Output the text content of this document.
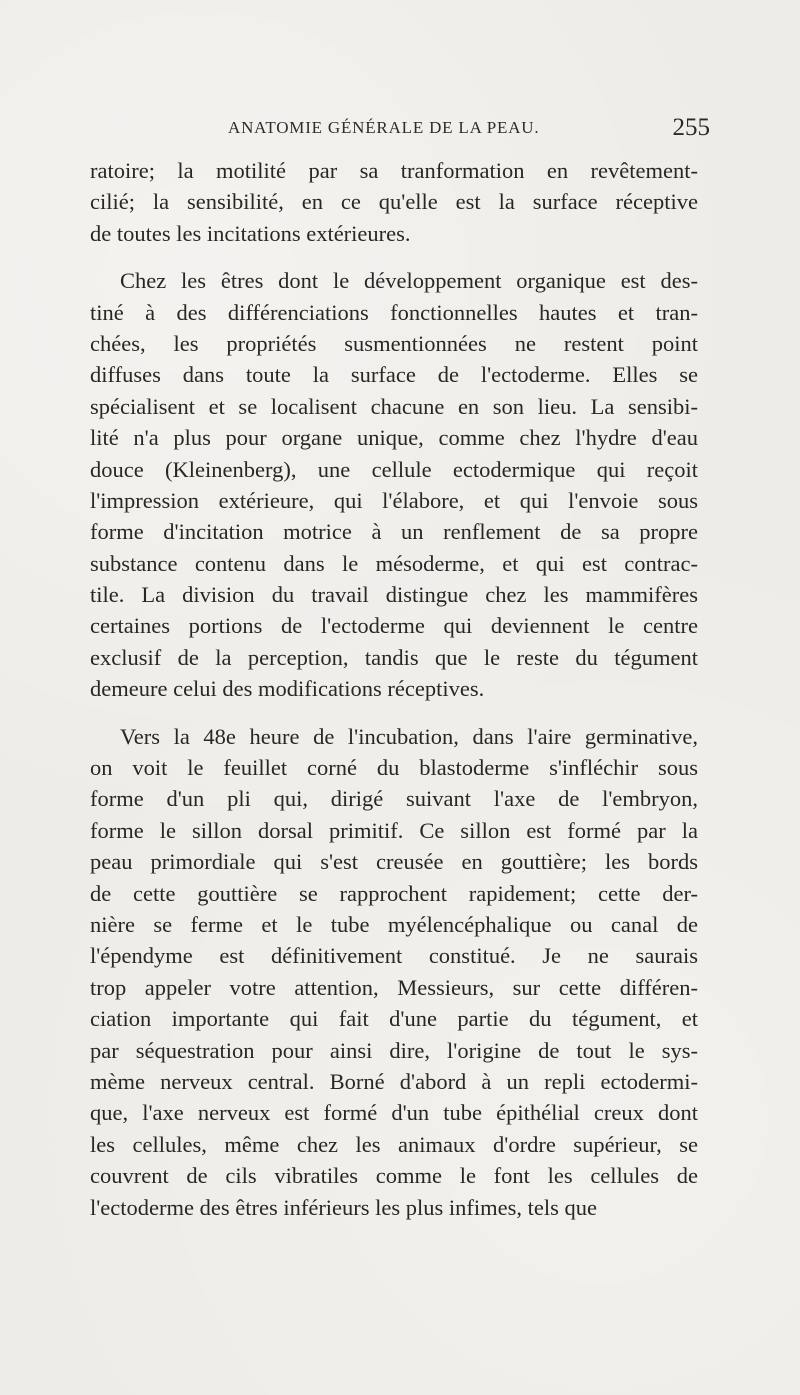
ANATOMIE GÉNÉRALE DE LA PEAU.	255
ratoire; la motilité par sa tranformation en revêtement-
cilié; la sensibilité, en ce qu'elle est la surface réceptive
de toutes les incitations extérieures.
Chez les êtres dont le développement organique est des-
tiné à des différenciations fonctionnelles hautes et tran-
chées, les propriétés susmentionnées ne restent point
diffuses dans toute la surface de l'ectoderme. Elles se
spécialisent et se localisent chacune en son lieu. La sensibi-
lité n'a plus pour organe unique, comme chez l'hydre d'eau
douce (Kleinenberg), une cellule ectodermique qui reçoit
l'impression extérieure, qui l'élabore, et qui l'envoie sous
forme d'incitation motrice à un renflement de sa propre
substance contenu dans le mésoderme, et qui est contrac-
tile. La division du travail distingue chez les mammifères
certaines portions de l'ectoderme qui deviennent le centre
exclusif de la perception, tandis que le reste du tégument
demeure celui des modifications réceptives.
Vers la 48e heure de l'incubation, dans l'aire germinative,
on voit le feuillet corné du blastoderme s'infléchir sous
forme d'un pli qui, dirigé suivant l'axe de l'embryon,
forme le sillon dorsal primitif. Ce sillon est formé par la
peau primordiale qui s'est creusée en gouttière; les bords
de cette gouttière se rapprochent rapidement; cette der-
nière se ferme et le tube myélencéphalique ou canal de
l'épendyme est définitivement constitué. Je ne saurais
trop appeler votre attention, Messieurs, sur cette différen-
ciation importante qui fait d'une partie du tégument, et
par séquestration pour ainsi dire, l'origine de tout le sys-
mème nerveux central. Borné d'abord à un repli ectodermi-
que, l'axe nerveux est formé d'un tube épithélial creux dont
les cellules, même chez les animaux d'ordre supérieur, se
couvrent de cils vibratiles comme le font les cellules de
l'ectoderme des êtres inférieurs les plus infimes, tels que
